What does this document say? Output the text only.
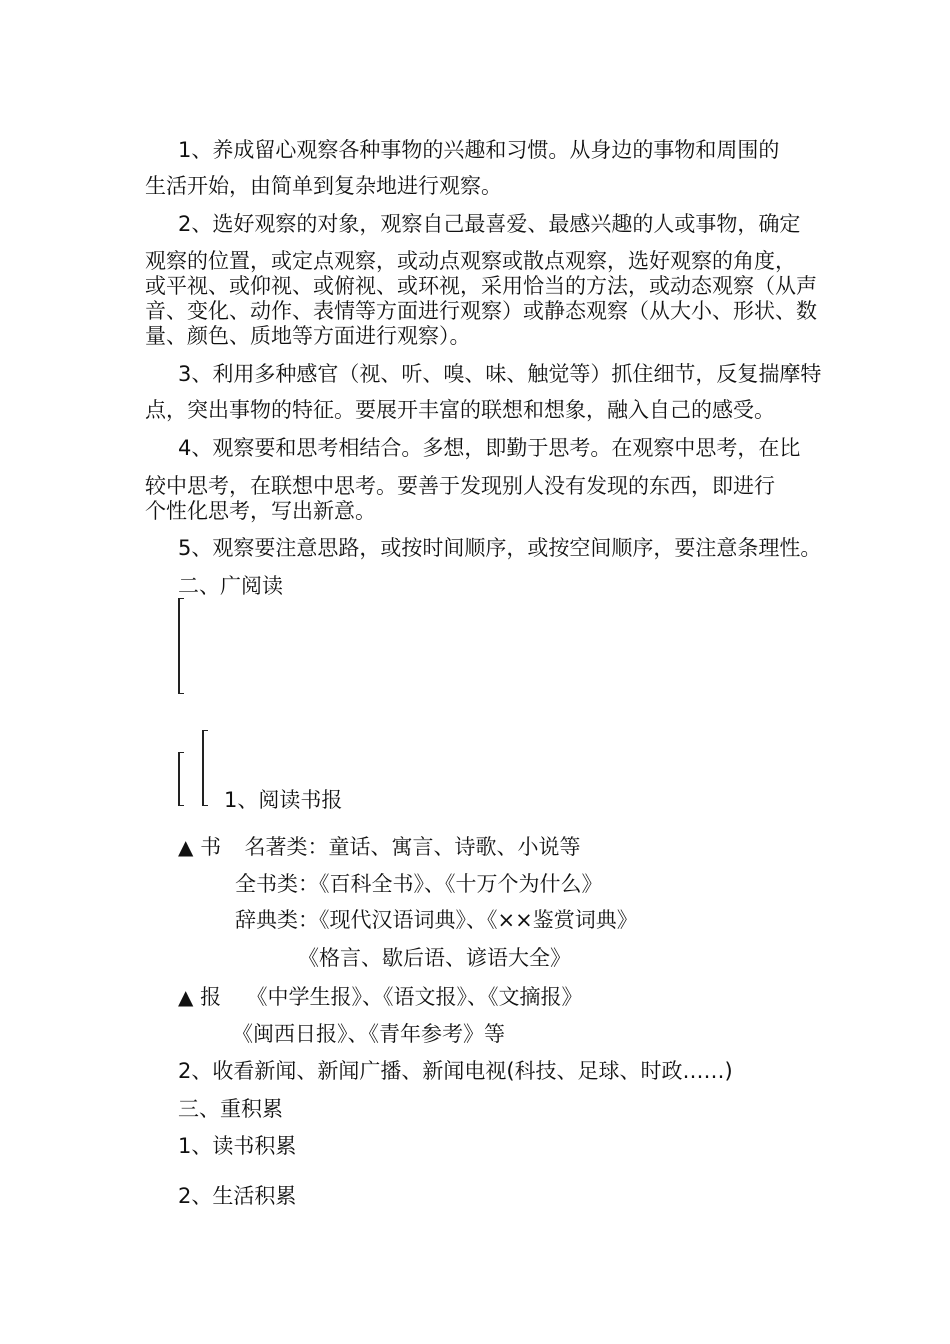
1、养成留心观察各种事物的兴趣和习惯。从身边的事物和周围的
生活开始，由简单到复杂地进行观察。
2、选好观察的对象，观察自己最喜爱、最感兴趣的人或事物，确定
观察的位置，或定点观察，或动点观察或散点观察，选好观察的角度，
或平视、或仰视、或俯视、或环视，采用恰当的方法，或动态观察（从声
音、变化、动作、表情等方面进行观察）或静态观察（从大小、形状、数
量、颜色、质地等方面进行观察）。
3、利用多种感官（视、听、嗅、味、触觉等）抓住细节，反复揣摩特
点，突出事物的特征。要展开丰富的联想和想象，融入自己的感受。
4、观察要和思考相结合。多想，即勤于思考。在观察中思考，在比
较中思考，在联想中思考。要善于发现别人没有发现的东西，即进行
个性化思考，写出新意。
5、观察要注意思路，或按时间顺序，或按空间顺序，要注意条理性。
二、广阅读
1、阅读书报
▲ 书 名著类：童话、寓言、诗歌、小说等
全书类：《百科全书》、《十万个为什么》
辞典类：《现代汉语词典》、《××鉴赏词典》
《格言、歇后语、谚语大全》
▲ 报 《中学生报》、《语文报》、《文摘报》
《闽西日报》、《青年参考》等
2、收看新闻、新闻广播、新闻电视(科技、足球、时政……)
三、重积累
1、读书积累
2、生活积累
